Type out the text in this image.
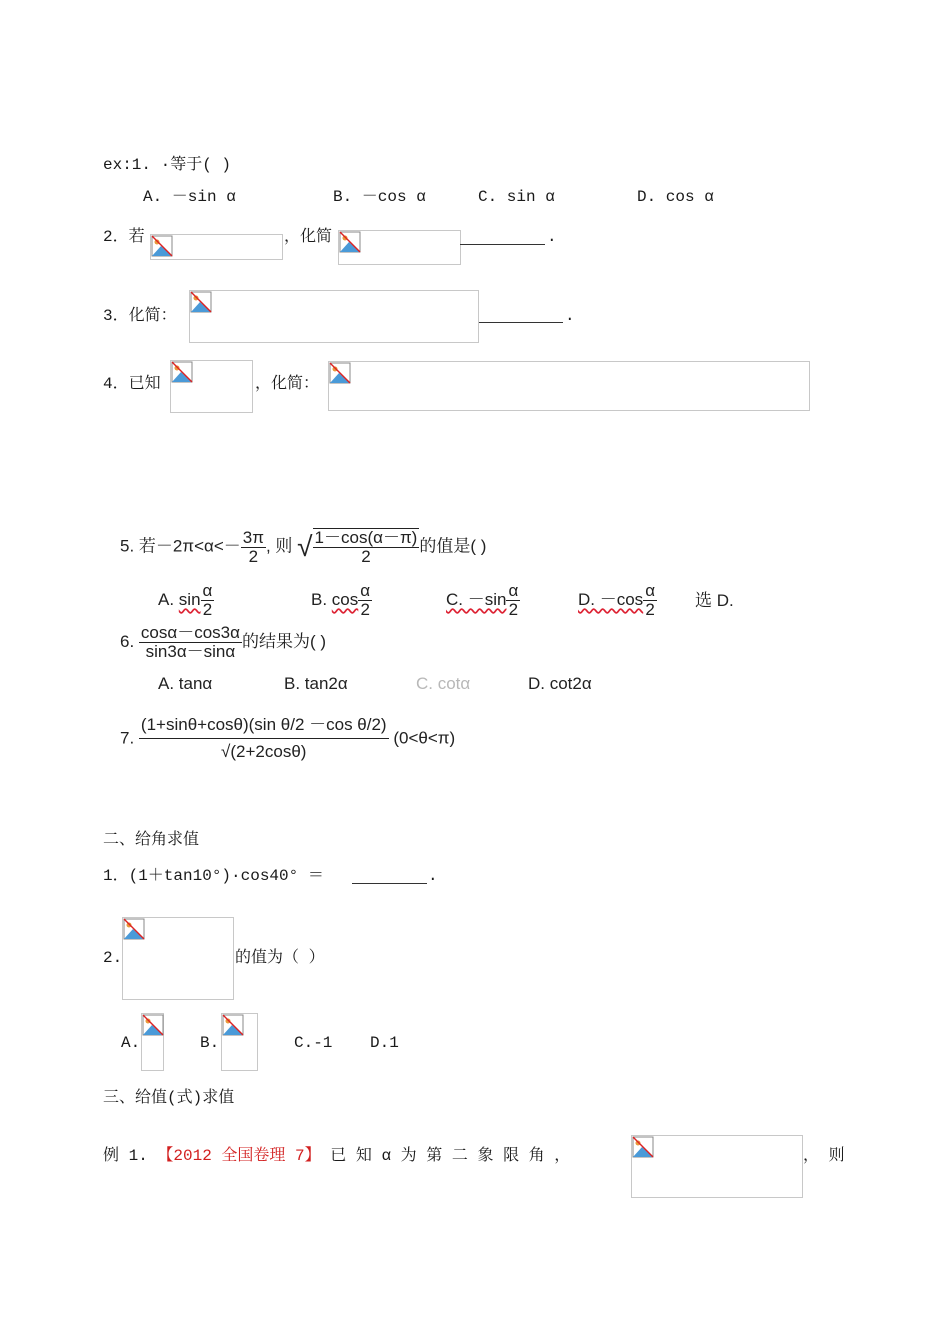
ex:1. ·等于( )
A. －sin α	B. －cos α	C. sin α	D. cos α
2．若	，化简	.
3．化简：	.
4．已知	，化简：
5. 若$-2\pi<\alpha<- \frac{3\pi}{2}$ , 则 √ $\frac{1-\cos(\alpha-\pi)}{2}$ 的值是( )
A. $\sin \frac{\alpha}{2}$	B. $\cos \frac{\alpha}{2}$	C. $-\sin \frac{\alpha}{2}$	D. $-\cos \frac{\alpha}{2}$ 选 D.
6. $\frac{\cos\alpha-\cos 3\alpha}{\sin 3\alpha-\sin\alpha}$ 的结果为( )
A. tanα	B. tan2α	C. cotα	D. cot2α
7. $\frac{\text{(1+sinθ+cosθ)(sin θ/2 －cos θ/2)}}{√(2+2\cos\theta)} (0<\theta<\pi)$
二、给角求值
1．(1＋tan10°)·cos40° ＝	.
2.	的值为（ ）
A.	B.	C.-1 D.1
三、给值(式)求值
例 1. 【2012 全国卷理 7】 已 知 α 为 第 二 象 限 角 ，	， 则
